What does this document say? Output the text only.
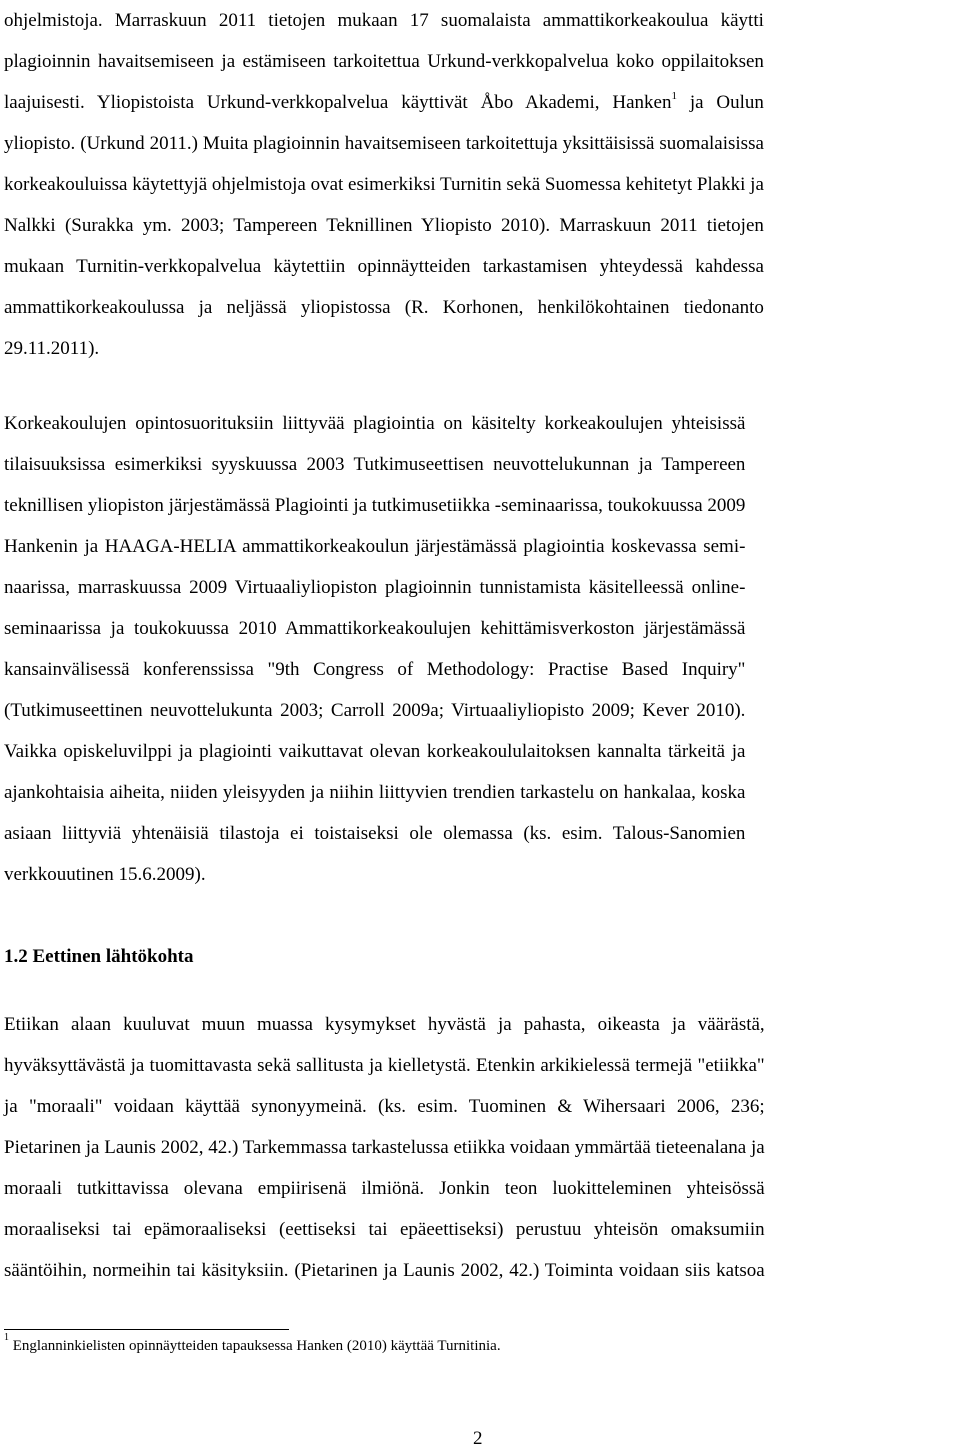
ohjelmistoja. Marraskuun 2011 tietojen mukaan 17 suomalaista ammattikorkeakoulua käytti
plagioinnin havaitsemiseen ja estämiseen tarkoitettua Urkund-verkkopalvelua koko oppilaitoksen
laajuisesti. Yliopistoista Urkund-verkkopalvelua käyttivät Åbo Akademi, Hanken$^1$ ja Oulun
yliopisto. (Urkund 2011.) Muita plagioinnin havaitsemiseen tarkoitettuja yksittäisissä suomalaisissa
korkeakouluissa käytettyjä ohjelmistoja ovat esimerkiksi Turnitin sekä Suomessa kehitetyt Plakki ja
Nalkki (Surakka ym. 2003; Tampereen Teknillinen Yliopisto 2010). Marraskuun 2011 tietojen
mukaan Turnitin-verkkopalvelua käytettiin opinnäytteiden tarkastamisen yhteydessä kahdessa
ammattikorkeakoulussa ja neljässä yliopistossa (R. Korhonen, henkilökohtainen tiedonanto
29.11.2011).
Korkeakoulujen opintosuorituksiin liittyvää plagiointia on käsitelty korkeakoulujen yhteisissä
tilaisuuksissa esimerkiksi syyskuussa 2003 Tutkimuseettisen neuvottelukunnan ja Tampereen
teknillisen yliopiston järjestämässä Plagiointi ja tutkimusetiikka -seminaarissa, toukokuussa 2009
Hankenin ja HAAGA-HELIA ammattikorkeakoulun järjestämässä plagiointia koskevassa semi-
naarissa, marraskuussa 2009 Virtuaaliyliopiston plagioinnin tunnistamista käsitelleessä online-
seminaarissa ja toukokuussa 2010 Ammattikorkeakoulujen kehittämisverkoston järjestämässä
kansainvälisessä konferenssissa "9th Congress of Methodology: Practise Based Inquiry"
(Tutkimuseettinen neuvottelukunta 2003; Carroll 2009a; Virtuaaliyliopisto 2009; Kever 2010).
Vaikka opiskeluvilppi ja plagiointi vaikuttavat olevan korkeakoululaitoksen kannalta tärkeitä ja
ajankohtaisia aiheita, niiden yleisyyden ja niihin liittyvien trendien tarkastelu on hankalaa, koska
asiaan liittyviä yhtenäisiä tilastoja ei toistaiseksi ole olemassa (ks. esim. Talous-Sanomien
verkkouutinen 15.6.2009).
1.2 Eettinen lähtökohta
Etiikan alaan kuuluvat muun muassa kysymykset hyvästä ja pahasta, oikeasta ja väärästä,
hyväksyttävästä ja tuomittavasta sekä sallitusta ja kielletystä. Etenkin arkikielessä termejä "etiikka"
ja "moraali" voidaan käyttää synonyymeinä. (ks. esim. Tuominen & Wihersaari 2006, 236;
Pietarinen ja Launis 2002, 42.) Tarkemmassa tarkastelussa etiikka voidaan ymmärtää tieteenalana ja
moraali tutkittavissa olevana empiirisenä ilmiönä. Jonkin teon luokitteleminen yhteisössä
moraaliseksi tai epämoraaliseksi (eettiseksi tai epäeettiseksi) perustuu yhteisön omaksumiin
sääntöihin, normeihin tai käsityksiin. (Pietarinen ja Launis 2002, 42.) Toiminta voidaan siis katsoa

$^1$ Englanninkielisten opinnäytteiden tapauksessa Hanken (2010) käyttää Turnitinia.

2
